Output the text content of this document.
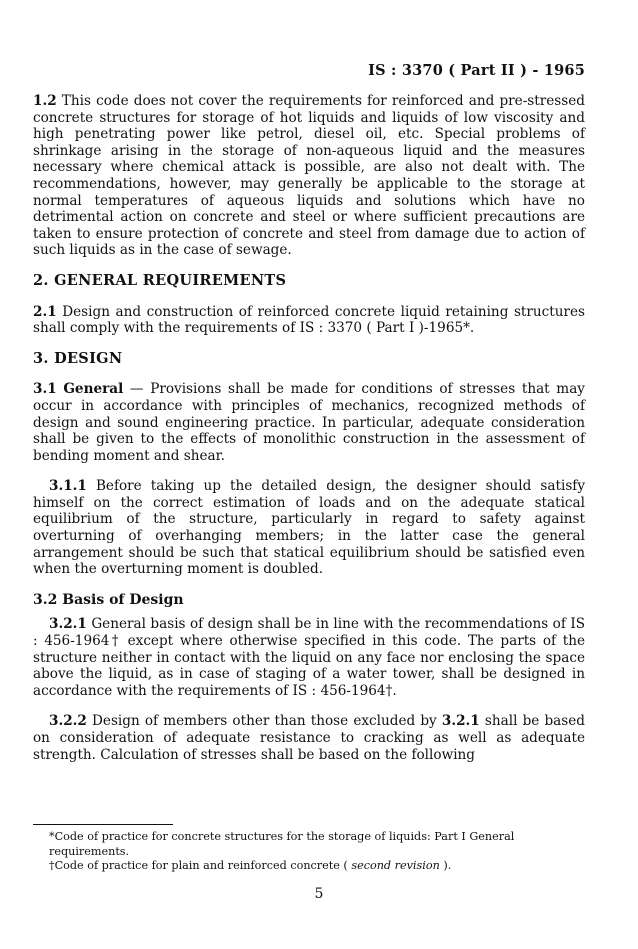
IS : 3370 ( Part II ) - 1965

1.2 This code does not cover the requirements for reinforced and pre-stressed concrete structures for storage of hot liquids and liquids of low viscosity and high penetrating power like petrol, diesel oil, etc. Special problems of shrinkage arising in the storage of non-aqueous liquid and the measures necessary where chemical attack is possible, are also not dealt with. The recommendations, however, may generally be applicable to the storage at normal temperatures of aqueous liquids and solutions which have no detrimental action on concrete and steel or where sufficient precautions are taken to ensure protection of concrete and steel from damage due to action of such liquids as in the case of sewage.

2. GENERAL REQUIREMENTS

2.1 Design and construction of reinforced concrete liquid retaining structures shall comply with the requirements of IS : 3370 ( Part I )-1965*.

3. DESIGN

3.1 General — Provisions shall be made for conditions of stresses that may occur in accordance with principles of mechanics, recognized methods of design and sound engineering practice. In particular, adequate consideration shall be given to the effects of monolithic construction in the assessment of bending moment and shear.

3.1.1 Before taking up the detailed design, the designer should satisfy himself on the correct estimation of loads and on the adequate statical equilibrium of the structure, particularly in regard to safety against overturning of overhanging members; in the latter case the general arrangement should be such that statical equilibrium should be satisfied even when the overturning moment is doubled.

3.2 Basis of Design

3.2.1 General basis of design shall be in line with the recommendations of IS : 456-1964† except where otherwise specified in this code. The parts of the structure neither in contact with the liquid on any face nor enclosing the space above the liquid, as in case of staging of a water tower, shall be designed in accordance with the requirements of IS : 456-1964†.

3.2.2 Design of members other than those excluded by 3.2.1 shall be based on consideration of adequate resistance to cracking as well as adequate strength. Calculation of stresses shall be based on the following

*Code of practice for concrete structures for the storage of liquids: Part I General requirements.

†Code of practice for plain and reinforced concrete ( second revision ).

5
